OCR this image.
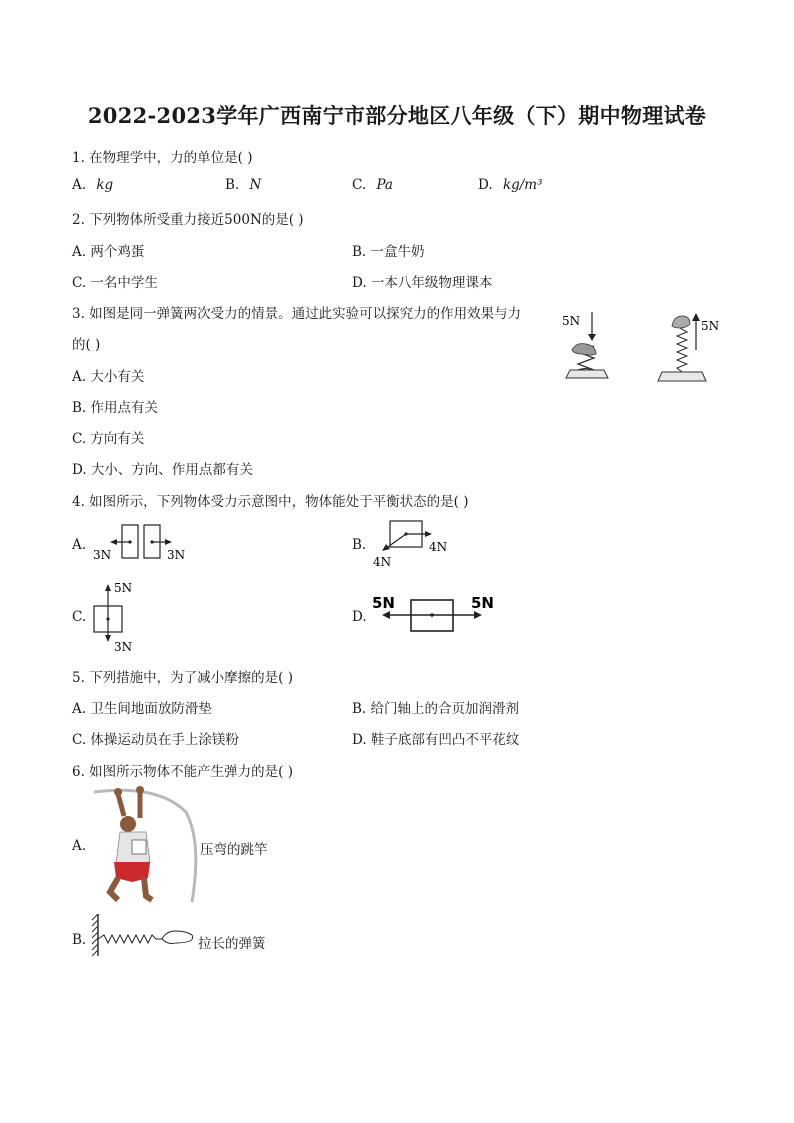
2022-2023学年广西南宁市部分地区八年级（下）期中物理试卷
1. 在物理学中，力的单位是( )
A. kg	B. N	C. Pa	D. kg/m³
2. 下列物体所受重力接近500N的是( )
A. 两个鸡蛋	B. 一盒牛奶
C. 一名中学生	D. 一本八年级物理课本
3. 如图是同一弹簧两次受力的情景。通过此实验可以探究力的作用效果与力
的( )
A. 大小有关
B. 作用点有关
C. 方向有关
D. 大小、方向、作用点都有关
5N	5N
4. 如图所示，下列物体受力示意图中，物体能处于平衡状态的是( )
A.	B.
C.	D.
3N	3N
4N
4N
5N
3N
5N	5N
5. 下列措施中，为了减小摩擦的是( )
A. 卫生间地面放防滑垫	B. 给门轴上的合页加润滑剂
C. 体操运动员在手上涂镁粉	D. 鞋子底部有凹凸不平花纹
6. 如图所示物体不能产生弹力的是( )
A.
B.
压弯的跳竿
拉长的弹簧
